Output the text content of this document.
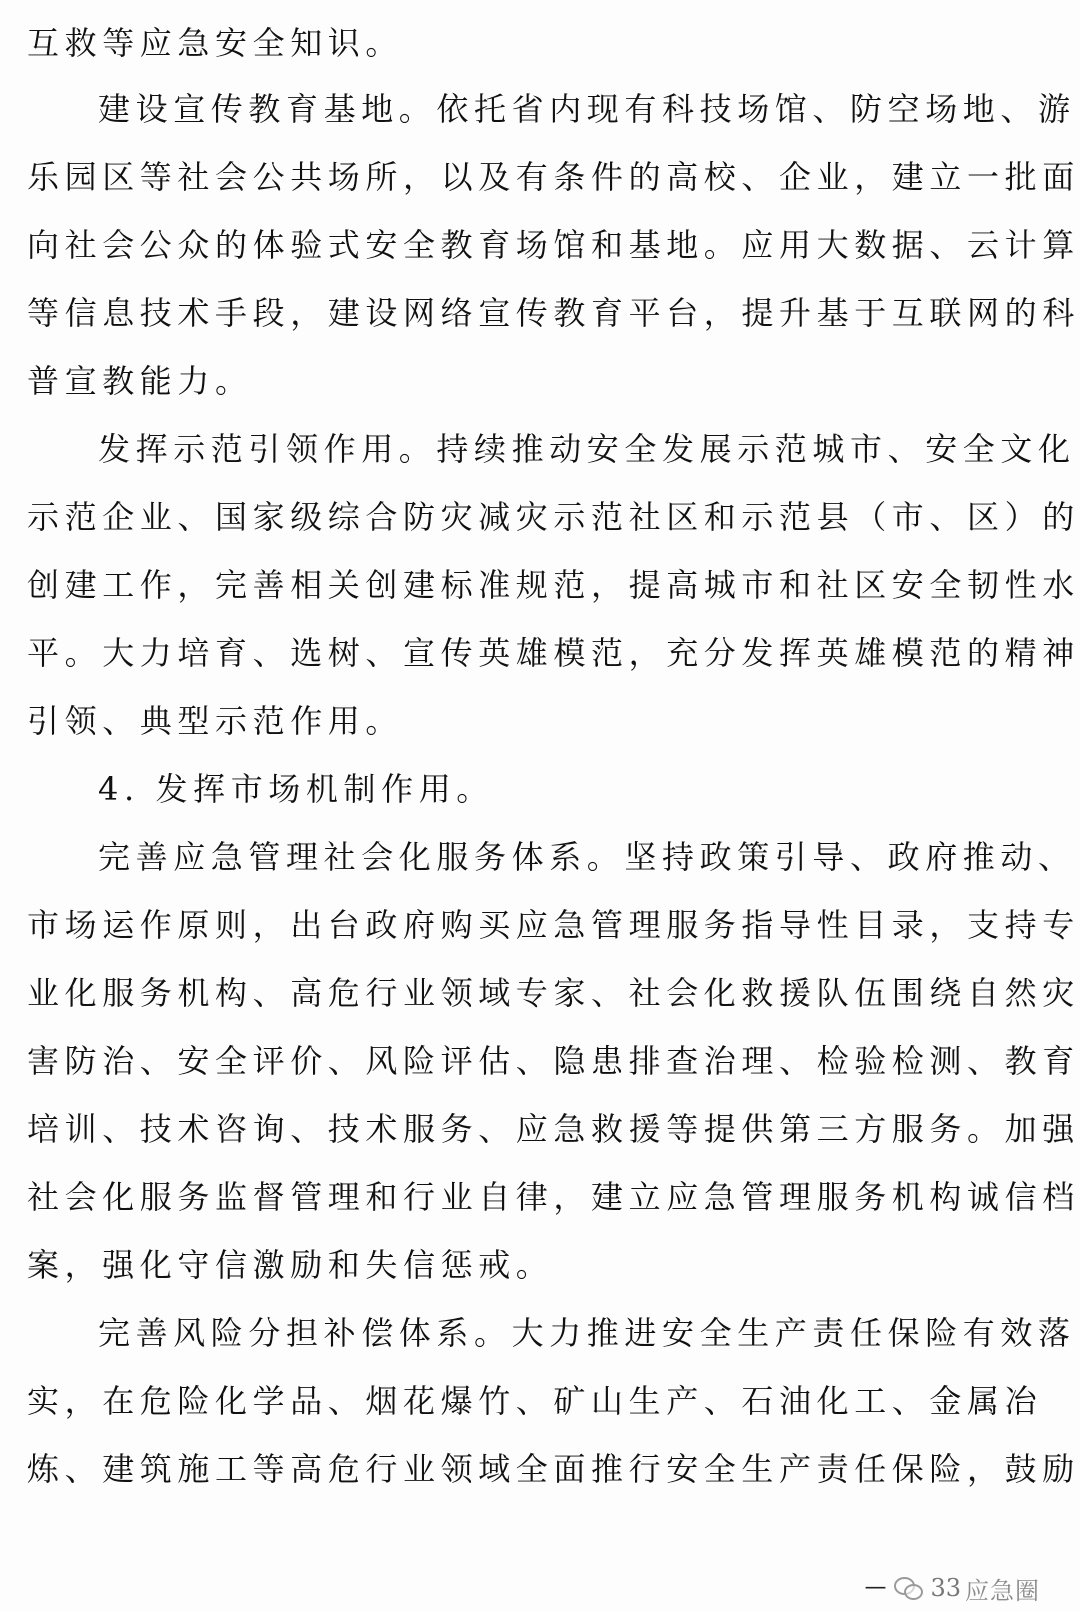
互救等应急安全知识。
建设宣传教育基地。依托省内现有科技场馆、防空场地、游
乐园区等社会公共场所，以及有条件的高校、企业，建立一批面
向社会公众的体验式安全教育场馆和基地。应用大数据、云计算
等信息技术手段，建设网络宣传教育平台，提升基于互联网的科
普宣教能力。
发挥示范引领作用。持续推动安全发展示范城市、安全文化
示范企业、国家级综合防灾减灾示范社区和示范县（市、区）的
创建工作，完善相关创建标准规范，提高城市和社区安全韧性水
平。大力培育、选树、宣传英雄模范，充分发挥英雄模范的精神
引领、典型示范作用。
4. 发挥市场机制作用。
完善应急管理社会化服务体系。坚持政策引导、政府推动、
市场运作原则，出台政府购买应急管理服务指导性目录，支持专
业化服务机构、高危行业领域专家、社会化救援队伍围绕自然灾
害防治、安全评价、风险评估、隐患排查治理、检验检测、教育
培训、技术咨询、技术服务、应急救援等提供第三方服务。加强
社会化服务监督管理和行业自律，建立应急管理服务机构诚信档
案，强化守信激励和失信惩戒。
完善风险分担补偿体系。大力推进安全生产责任保险有效落
实，在危险化学品、烟花爆竹、矿山生产、石油化工、金属冶
炼、建筑施工等高危行业领域全面推行安全生产责任保险，鼓励
— 33 应急圈
